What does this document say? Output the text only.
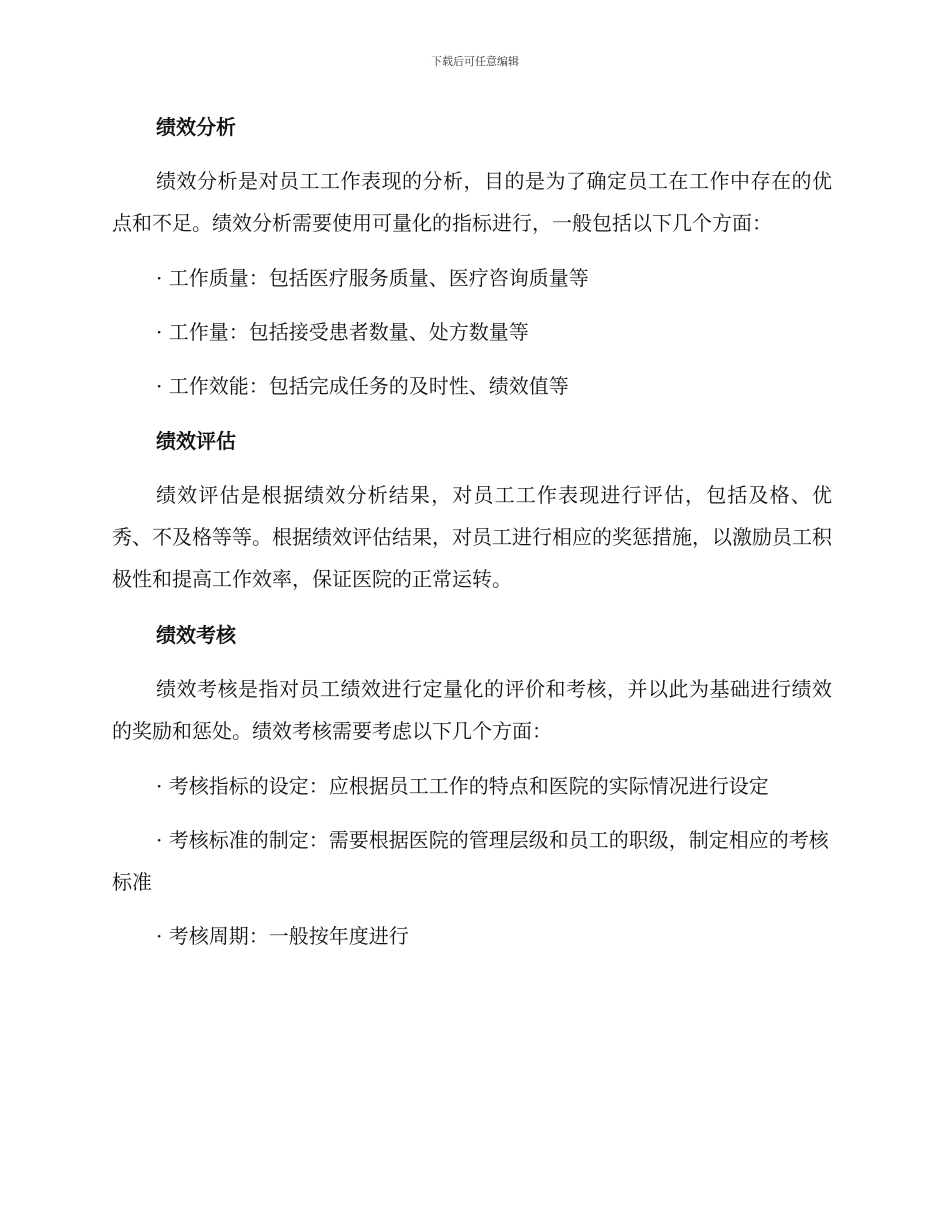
下载后可任意编辑
绩效分析

绩效分析是对员工工作表现的分析，目的是为了确定员工在工作中存在的优点和不足。绩效分析需要使用可量化的指标进行，一般包括以下几个方面：

· 工作质量：包括医疗服务质量、医疗咨询质量等

· 工作量：包括接受患者数量、处方数量等

· 工作效能：包括完成任务的及时性、绩效值等

绩效评估

绩效评估是根据绩效分析结果，对员工工作表现进行评估，包括及格、优秀、不及格等等。根据绩效评估结果，对员工进行相应的奖惩措施，以激励员工积极性和提高工作效率，保证医院的正常运转。

绩效考核

绩效考核是指对员工绩效进行定量化的评价和考核，并以此为基础进行绩效的奖励和惩处。绩效考核需要考虑以下几个方面：

· 考核指标的设定：应根据员工工作的特点和医院的实际情况进行设定

· 考核标准的制定：需要根据医院的管理层级和员工的职级，制定相应的考核标准

· 考核周期：一般按年度进行
